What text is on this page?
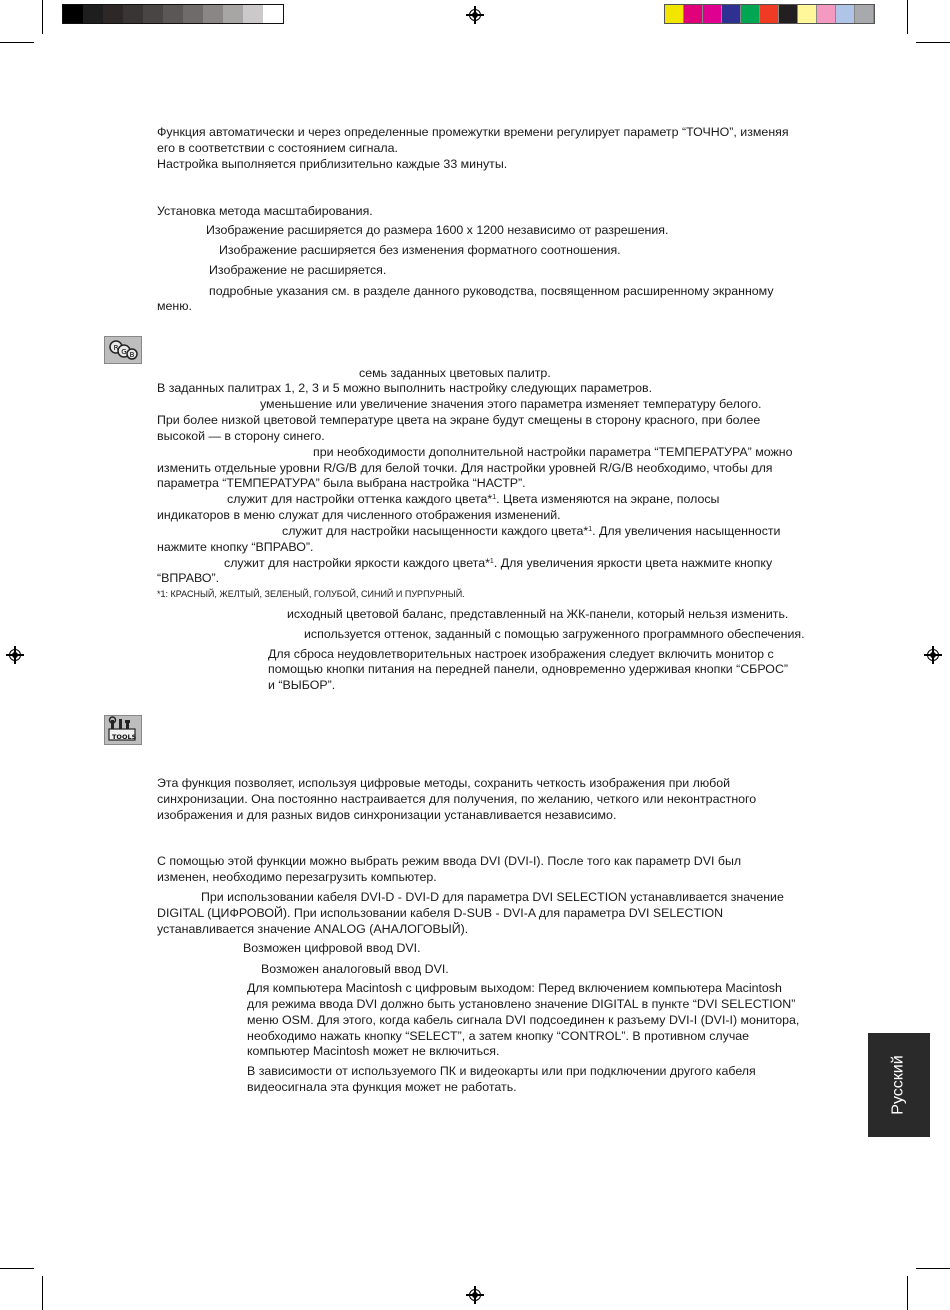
Функция автоматически и через определенные промежутки времени регулирует параметр “ТОЧНО”, изменяя
его в соответствии с состоянием сигнала.
Настройка выполняется приблизительно каждые 33 минуты.
Установка метода масштабирования.
Изображение расширяется до размера 1600 x 1200 независимо от разрешения.
Изображение расширяется без изменения форматного соотношения.
Изображение не расширяется.
подробные указания см. в разделе данного руководства, посвященном расширенному экранному
меню.
R G B
семь заданных цветовых палитр.
В заданных палитрах 1, 2, 3 и 5 можно выполнить настройку следующих параметров.
уменьшение или увеличение значения этого параметра изменяет температуру белого.
При более низкой цветовой температуре цвета на экране будут смещены в сторону красного, при более
высокой — в сторону синего.
при необходимости дополнительной настройки параметра “ТЕМПЕРАТУРА” можно
изменить отдельные уровни R/G/B для белой точки. Для настройки уровней R/G/B необходимо, чтобы для
параметра “ТЕМПЕРАТУРА” была выбрана настройка “НАСТР”.
служит для настройки оттенка каждого цвета*$^1$. Цвета изменяются на экране, полосы
индикаторов в меню служат для численного отображения изменений.
служит для настройки насыщенности каждого цвета*$^1$. Для увеличения насыщенности
нажмите кнопку “ВПРАВО”.
служит для настройки яркости каждого цвета*$^1$. Для увеличения яркости цвета нажмите кнопку
“ВПРАВО”.
*1: КРАСНЫЙ, ЖЕЛТЫЙ, ЗЕЛЕНЫЙ, ГОЛУБОЙ, СИНИЙ И ПУРПУРНЫЙ.
исходный цветовой баланс, представленный на ЖК-панели, который нельзя изменить.
используется оттенок, заданный с помощью загруженного программного обеспечения.
Для сброса неудовлетворительных настроек изображения следует включить монитор с
помощью кнопки питания на передней панели, одновременно удерживая кнопки “СБРОС”
и “ВЫБОР”.
TOOLS
Эта функция позволяет, используя цифровые методы, сохранить четкость изображения при любой
синхронизации. Она постоянно настраивается для получения, по желанию, четкого или неконтрастного
изображения и для разных видов синхронизации устанавливается независимо.
С помощью этой функции можно выбрать режим ввода DVI (DVI-I). После того как параметр DVI был
изменен, необходимо перезагрузить компьютер.
При использовании кабеля DVI-D - DVI-D для параметра DVI SELECTION устанавливается значение
DIGITAL (ЦИФРОВОЙ). При использовании кабеля D-SUB - DVI-A для параметра DVI SELECTION
устанавливается значение ANALOG (АНАЛОГОВЫЙ).
Возможен цифровой ввод DVI.
Возможен аналоговый ввод DVI.
Для компьютера Macintosh с цифровым выходом: Перед включением компьютера Macintosh
для режима ввода DVI должно быть установлено значение DIGITAL в пункте “DVI SELECTION”
меню OSM. Для этого, когда кабель сигнала DVI подсоединен к разъему DVI-I (DVI-I) монитора,
необходимо нажать кнопку “SELECT”, а затем кнопку “CONTROL”. В противном случае
компьютер Macintosh может не включиться.
В зависимости от используемого ПК и видеокарты или при подключении другого кабеля
видеосигнала эта функция может не работать.	Русский
